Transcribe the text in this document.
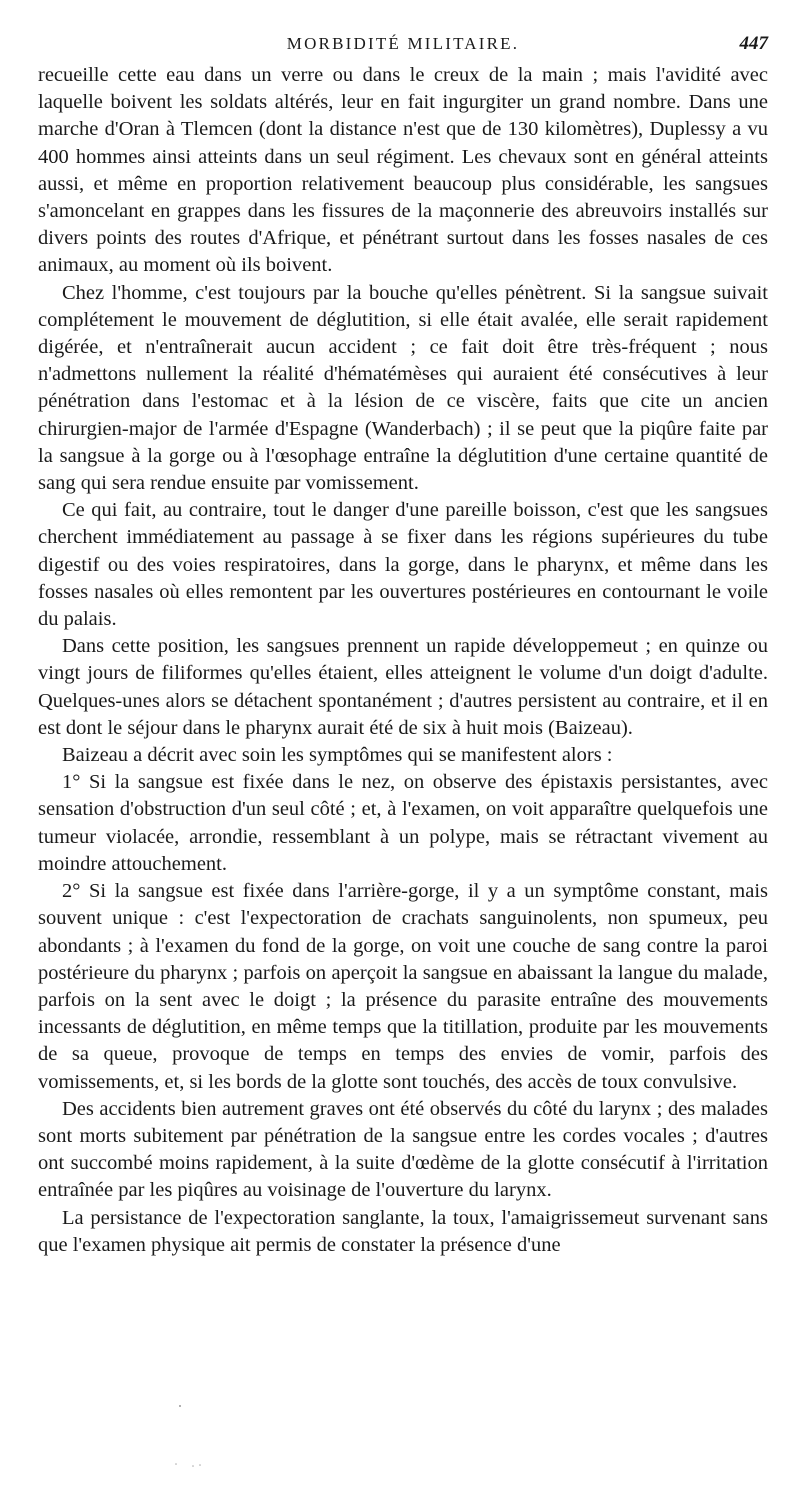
MORBIDITÉ MILITAIRE.	447

recueille cette eau dans un verre ou dans le creux de la main ; mais l'avidité avec laquelle boivent les soldats altérés, leur en fait ingurgiter un grand nombre. Dans une marche d'Oran à Tlemcen (dont la distance n'est que de 130 kilomètres), Duplessy a vu 400 hommes ainsi atteints dans un seul régiment. Les chevaux sont en général atteints aussi, et même en proportion relativement beaucoup plus considérable, les sangsues s'amoncelant en grappes dans les fissures de la maçonnerie des abreuvoirs installés sur divers points des routes d'Afrique, et pénétrant surtout dans les fosses nasales de ces animaux, au moment où ils boivent.

Chez l'homme, c'est toujours par la bouche qu'elles pénètrent. Si la sangsue suivait complétement le mouvement de déglutition, si elle était avalée, elle serait rapidement digérée, et n'entraînerait aucun accident ; ce fait doit être très-fréquent ; nous n'admettons nullement la réalité d'hématémèses qui auraient été consécutives à leur pénétration dans l'estomac et à la lésion de ce viscère, faits que cite un ancien chirurgien-major de l'armée d'Espagne (Wanderbach) ; il se peut que la piqûre faite par la sangsue à la gorge ou à l'œsophage entraîne la déglutition d'une certaine quantité de sang qui sera rendue ensuite par vomissement.

Ce qui fait, au contraire, tout le danger d'une pareille boisson, c'est que les sangsues cherchent immédiatement au passage à se fixer dans les régions supérieures du tube digestif ou des voies respiratoires, dans la gorge, dans le pharynx, et même dans les fosses nasales où elles remontent par les ouvertures postérieures en contournant le voile du palais.

Dans cette position, les sangsues prennent un rapide développemeut ; en quinze ou vingt jours de filiformes qu'elles étaient, elles atteignent le volume d'un doigt d'adulte. Quelques-unes alors se détachent spontanément ; d'autres persistent au contraire, et il en est dont le séjour dans le pharynx aurait été de six à huit mois (Baizeau).

Baizeau a décrit avec soin les symptômes qui se manifestent alors :

1° Si la sangsue est fixée dans le nez, on observe des épistaxis persistantes, avec sensation d'obstruction d'un seul côté ; et, à l'examen, on voit apparaître quelquefois une tumeur violacée, arrondie, ressemblant à un polype, mais se rétractant vivement au moindre attouchement.

2° Si la sangsue est fixée dans l'arrière-gorge, il y a un symptôme constant, mais souvent unique : c'est l'expectoration de crachats sanguinolents, non spumeux, peu abondants ; à l'examen du fond de la gorge, on voit une couche de sang contre la paroi postérieure du pharynx ; parfois on aperçoit la sangsue en abaissant la langue du malade, parfois on la sent avec le doigt ; la présence du parasite entraîne des mouvements incessants de déglutition, en même temps que la titillation, produite par les mouvements de sa queue, provoque de temps en temps des envies de vomir, parfois des vomissements, et, si les bords de la glotte sont touchés, des accès de toux convulsive.

Des accidents bien autrement graves ont été observés du côté du larynx ; des malades sont morts subitement par pénétration de la sangsue entre les cordes vocales ; d'autres ont succombé moins rapidement, à la suite d'œdème de la glotte consécutif à l'irritation entraînée par les piqûres au voisinage de l'ouverture du larynx.

La persistance de l'expectoration sanglante, la toux, l'amaigrissemeut survenant sans que l'examen physique ait permis de constater la présence d'une
